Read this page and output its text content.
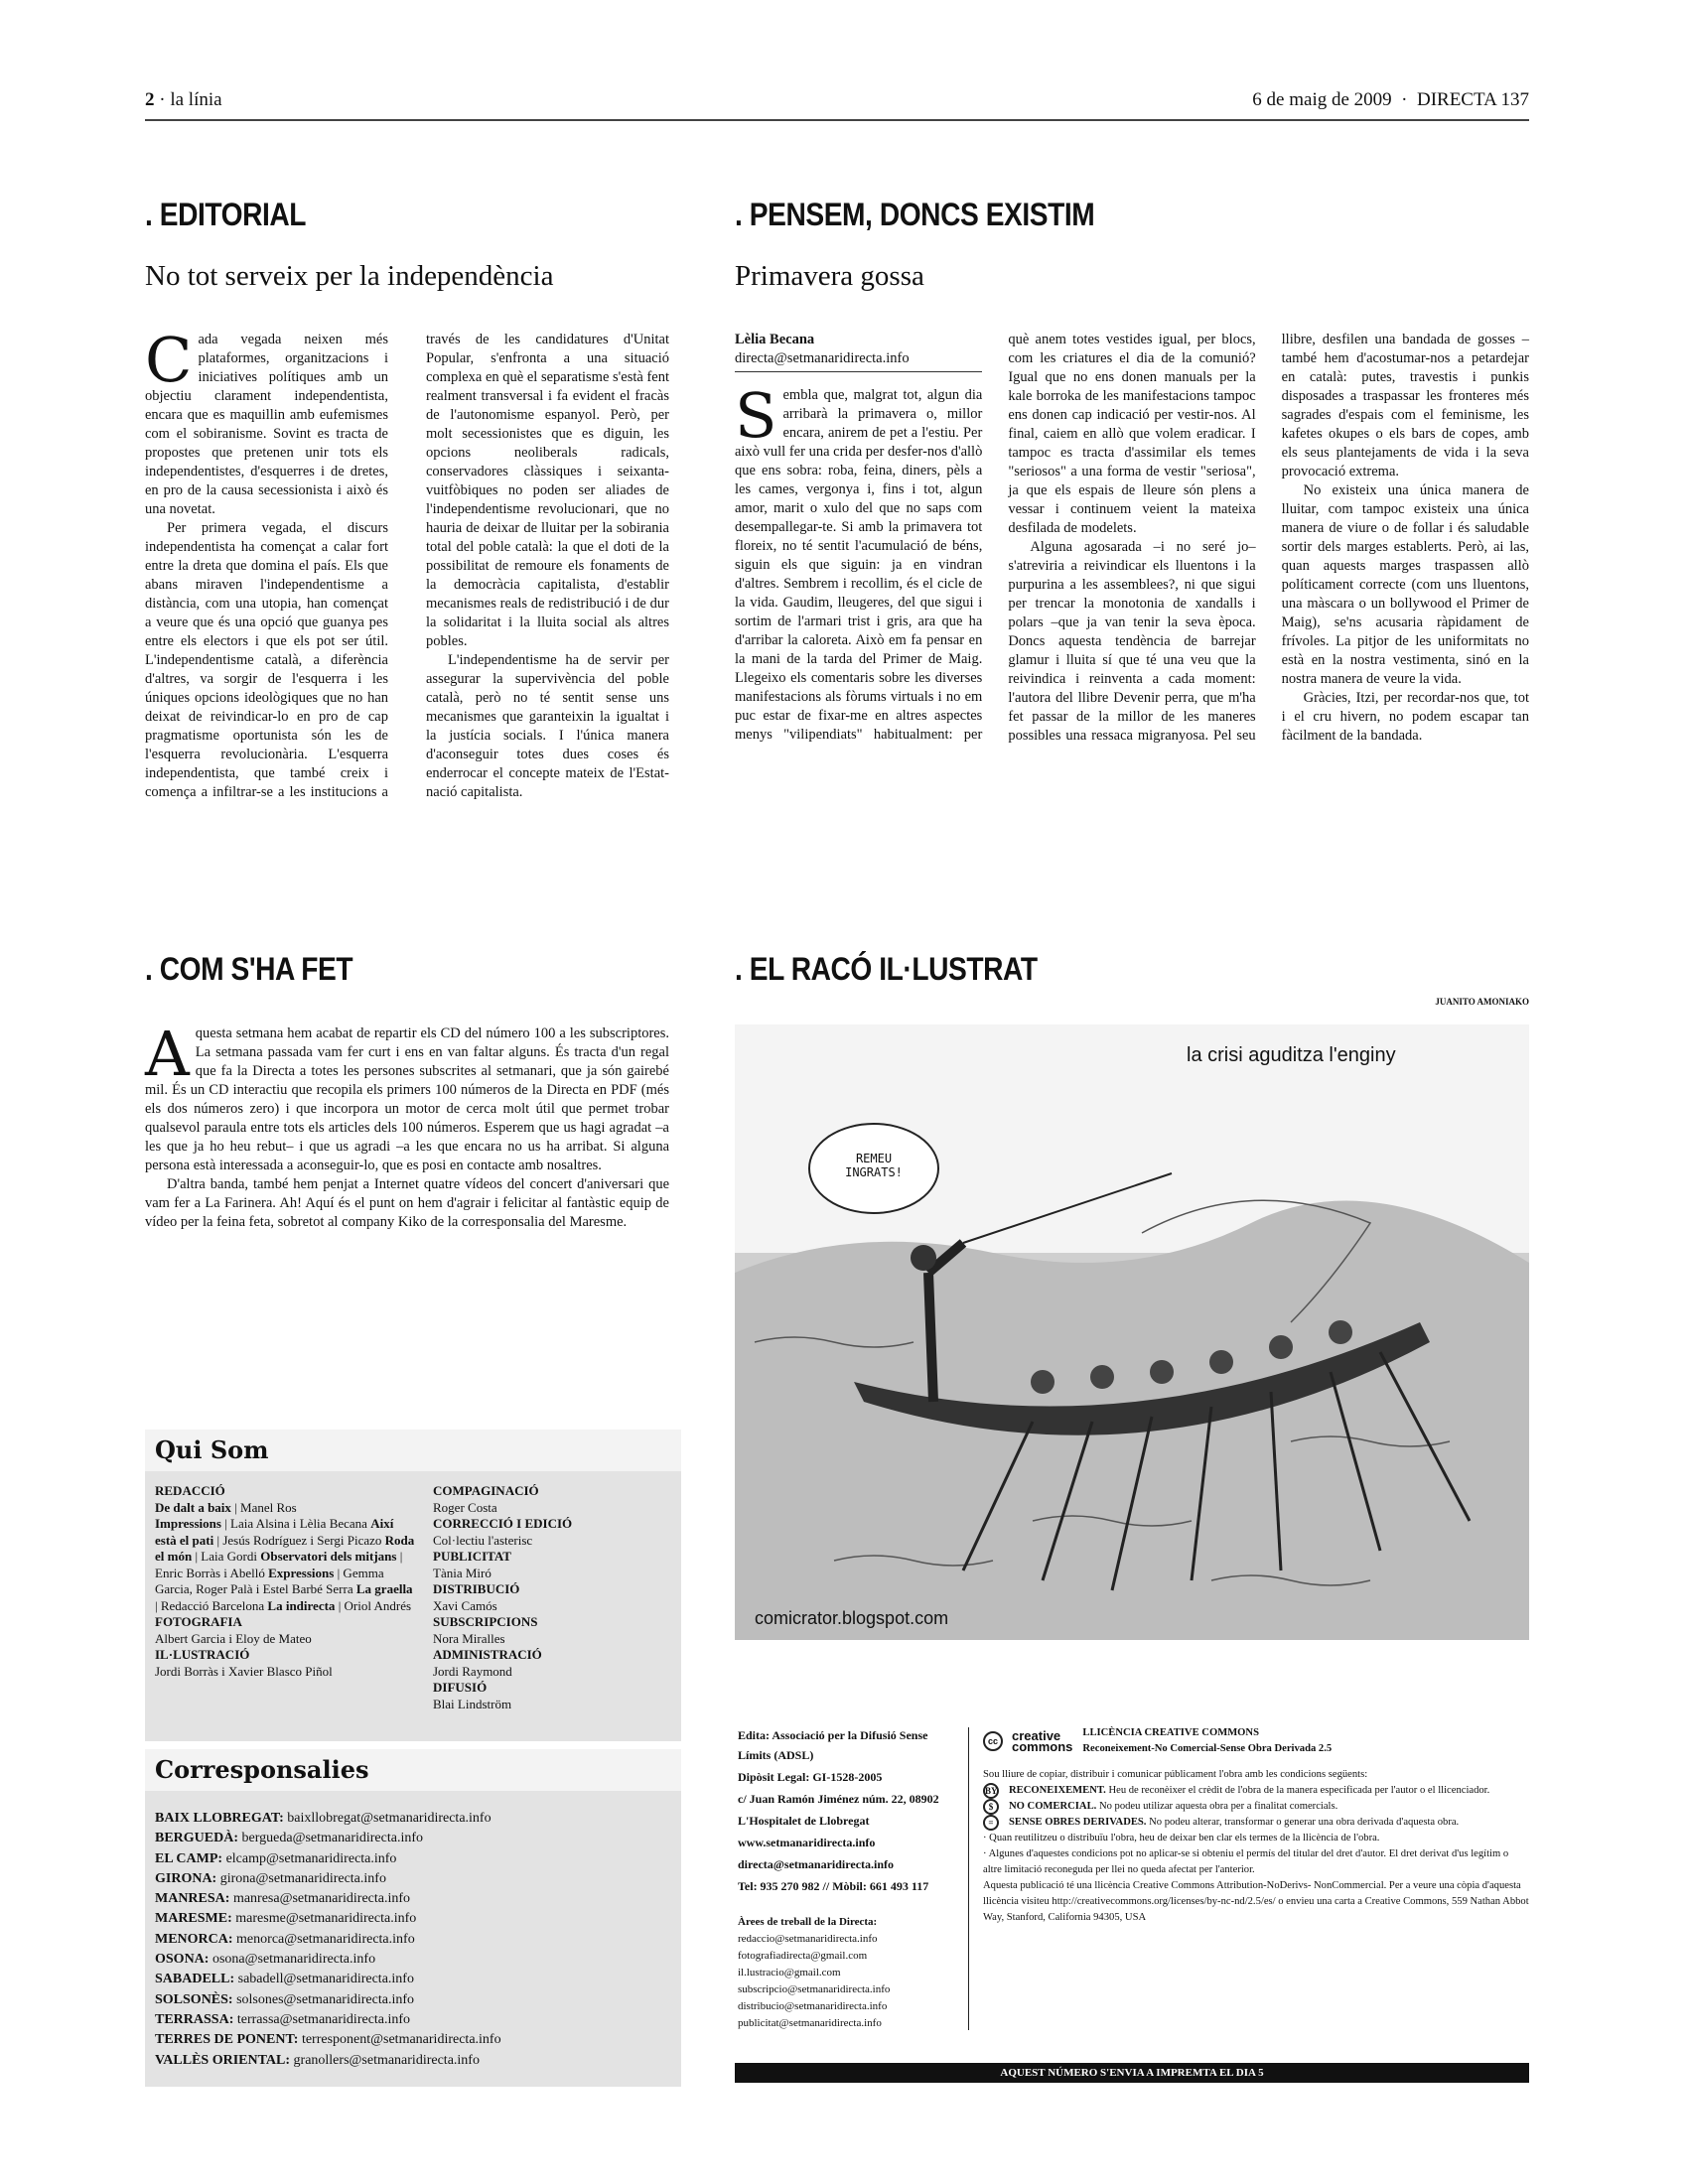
2 · la línia	6 de maig de 2009 · DIRECTA 137
. EDITORIAL
No tot serveix per la independència

Cada vegada neixen més plataformes, organitzacions i iniciatives polítiques amb un objectiu clarament independentista, encara que es maquillin amb eufemismes com el sobiranisme. Sovint es tracta de propostes que pretenen unir tots els independentistes, d'esquerres i de dretes, en pro de la causa secessionista i això és una novetat.

Per primera vegada, el discurs independentista ha començat a calar fort entre la dreta que domina el país. Els que abans miraven l'independentisme a distància, com una utopia, han començat a veure que és una opció que guanya pes entre els electors i que els pot ser útil. L'independentisme català, a diferència d'altres, va sorgir de l'esquerra i les úniques opcions ideològiques que no han deixat de reivindicar-lo en pro de cap pragmatisme oportunista són les de l'esquerra revolucionària. L'esquerra independentista, que també creix i comença a infiltrar-se a les institucions a través de les candidatures d'Unitat Popular, s'enfronta a una situació complexa en què el separatisme s'està fent realment transversal i fa evident el fracàs de l'autonomisme espanyol. Però, per molt secessionistes que es diguin, les opcions neoliberals radicals, conservadores clàssiques i seixanta-vuitfòbiques no poden ser aliades de l'independentisme revolucionari, que no hauria de deixar de lluitar per la sobirania total del poble català: la que el doti de la possibilitat de remoure els fonaments de la democràcia capitalista, d'establir mecanismes reals de redistribució i de dur la solidaritat i la lluita social als altres pobles.

L'independentisme ha de servir per assegurar la supervivència del poble català, però no té sentit sense uns mecanismes que garanteixin la igualtat i la justícia socials. I l'única manera d'aconseguir totes dues coses és enderrocar el concepte mateix de l'Estat-nació capitalista.

. PENSEM, DONCS EXISTIM
Primavera gossa
Lèlia Becana
directa@setmanaridirecta.info

Sembla que, malgrat tot, algun dia arribarà la primavera o, millor encara, anirem de pet a l'estiu. Per això vull fer una crida per desfer-nos d'allò que ens sobra: roba, feina, diners, pèls a les cames, vergonya i, fins i tot, algun amor, marit o xulo del que no saps com desempallegar-te. Si amb la primavera tot floreix, no té sentit l'acumulació de béns, siguin els que siguin: ja en vindran d'altres. Sembrem i recollim, és el cicle de la vida. Gaudim, lleugeres, del que sigui i sortim de l'armari trist i gris, ara que ha d'arribar la caloreta. Això em fa pensar en la mani de la tarda del Primer de Maig. Llegeixo els comentaris sobre les diverses manifestacions als fòrums virtuals i no em puc estar de fixar-me en altres aspectes menys "vilipendiats" habitualment: per què anem totes vestides igual, per blocs, com les criatures el dia de la comunió? Igual que no ens donen manuals per la kale borroka de les manifestacions tampoc ens donen cap indicació per vestir-nos. Al final, caiem en allò que volem eradicar. I tampoc es tracta d'assimilar els temes "seriosos" a una forma de vestir "seriosa", ja que els espais de lleure són plens a vessar i continuem veient la mateixa desfilada de modelets.

Alguna agosarada –i no seré jo– s'atreviria a reivindicar els lluentons i la purpurina a les assemblees?, ni que sigui per trencar la monotonia de xandalls i polars –que ja van tenir la seva època. Doncs aquesta tendència de barrejar glamur i lluita sí que té una veu que la reivindica i reinventa a cada moment: l'autora del llibre Devenir perra, que m'ha fet passar de la millor de les maneres possibles una ressaca migranyosa. Pel seu llibre, desfilen una bandada de gosses –també hem d'acostumar-nos a petardejar en català: putes, travestis i punkis disposades a traspassar les fronteres més sagrades d'espais com el feminisme, les kafetes okupes o els bars de copes, amb els seus plantejaments de vida i la seva provocació extrema.

No existeix una única manera de lluitar, com tampoc existeix una única manera de viure o de follar i és saludable sortir dels marges establerts. Però, ai las, quan aquests marges traspassen allò políticament correcte (com uns lluentons, una màscara o un bollywood el Primer de Maig), se'ns acusaria ràpidament de frívoles. La pitjor de les uniformitats no està en la nostra vestimenta, sinó en la nostra manera de veure la vida.

Gràcies, Itzi, per recordar-nos que, tot i el cru hivern, no podem escapar tan fàcilment de la bandada.

. COM S'HA FET

Aquesta setmana hem acabat de repartir els CD del número 100 a les subscriptores. La setmana passada vam fer curt i ens en van faltar alguns. És tracta d'un regal que fa la Directa a totes les persones subscrites al setmanari, que ja són gairebé mil. És un CD interactiu que recopila els primers 100 números de la Directa en PDF (més els dos números zero) i que incorpora un motor de cerca molt útil que permet trobar qualsevol paraula entre tots els articles dels 100 números. Esperem que us hagi agradat –a les que ja ho heu rebut– i que us agradi –a les que encara no us ha arribat. Si alguna persona està interessada a aconseguir-lo, que es posi en contacte amb nosaltres.

D'altra banda, també hem penjat a Internet quatre vídeos del concert d'aniversari que vam fer a La Farinera. Ah! Aquí és el punt on hem d'agrair i felicitar al fantàstic equip de vídeo per la feina feta, sobretot al company Kiko de la corresponsalia del Maresme.

. EL RACÓ IL·LUSTRAT
JUANITO AMONIAKO
la crisi aguditza l'enginy
REMEU INGRATS!
comicrator.blogspot.com
Qui Som
REDACCIÓ
De dalt a baix | Manel Ros
Impressions | Laia Alsina i Lèlia Becana Així està el pati | Jesús Rodríguez i Sergi Picazo Roda el món | Laia Gordi Observatori dels mitjans | Enric Borràs i Abelló Expressions | Gemma Garcia, Roger Palà i Estel Barbé Serra La graella | Redacció Barcelona La indirecta | Oriol Andrés
FOTOGRAFIA
Albert Garcia i Eloy de Mateo
IL·LUSTRACIÓ
Jordi Borràs i Xavier Blasco Piñol

COMPAGINACIÓ
Roger Costa
CORRECCIÓ I EDICIÓ
Col·lectiu l'asterisc
PUBLICITAT
Tània Miró
DISTRIBUCIÓ
Xavi Camós
SUBSCRIPCIONS
Nora Miralles
ADMINISTRACIÓ
Jordi Raymond
DIFUSIÓ
Blai Lindström
Corresponsalies
BAIX LLOBREGAT: baixllobregat@setmanaridirecta.info
BERGUEDÀ: bergueda@setmanaridirecta.info
EL CAMP: elcamp@setmanaridirecta.info
GIRONA: girona@setmanaridirecta.info
MANRESA: manresa@setmanaridirecta.info
MARESME: maresme@setmanaridirecta.info
MENORCA: menorca@setmanaridirecta.info
OSONA: osona@setmanaridirecta.info
SABADELL: sabadell@setmanaridirecta.info
SOLSONÈS: solsones@setmanaridirecta.info
TERRASSA: terrassa@setmanaridirecta.info
TERRES DE PONENT: terresponent@setmanaridirecta.info
VALLÈS ORIENTAL: granollers@setmanaridirecta.info
Edita: Associació per la Difusió Sense Límits (ADSL)
Dipòsit Legal: GI-1528-2005
c/ Juan Ramón Jiménez núm. 22, 08902
L'Hospitalet de Llobregat
www.setmanaridirecta.info
directa@setmanaridirecta.info
Tel: 935 270 982 // Mòbil: 661 493 117
Àrees de treball de la Directa:
redaccio@setmanaridirecta.info
fotografiadirecta@gmail.com
il.lustracio@gmail.com
subscripcio@setmanaridirecta.info
distribucio@setmanaridirecta.info
publicitat@setmanaridirecta.info
cc	creative
commons
LLICÈNCIA CREATIVE COMMONS
Reconeixement-No Comercial-Sense Obra Derivada 2.5
Sou lliure de copiar, distribuir i comunicar públicament l'obra amb les condicions següents:
BY RECONEIXEMENT. Heu de reconèixer el crèdit de l'obra de la manera especificada per l'autor o el llicenciador.
$	NO COMERCIAL. No podeu utilizar aquesta obra per a finalitat comercials.
=	SENSE OBRES DERIVADES. No podeu alterar, transformar o generar una obra derivada d'aquesta obra.
· Quan reutilitzeu o distribuïu l'obra, heu de deixar ben clar els termes de la llicència de l'obra.
· Algunes d'aquestes condicions pot no aplicar-se si obteniu el permís del titular del dret d'autor. El dret derivat d'us legítim o altre limitació reconeguda per llei no queda afectat per l'anterior.
Aquesta publicació té una llicència Creative Commons Attribution-NoDerivs- NonCommercial. Per a veure una còpia d'aquesta llicència visiteu http://creativecommons.org/licenses/by-nc-nd/2.5/es/ o envieu una carta a Creative Commons, 559 Nathan Abbot Way, Stanford, California 94305, USA
AQUEST NÚMERO S'ENVIA A IMPREMTA EL DIA 5
